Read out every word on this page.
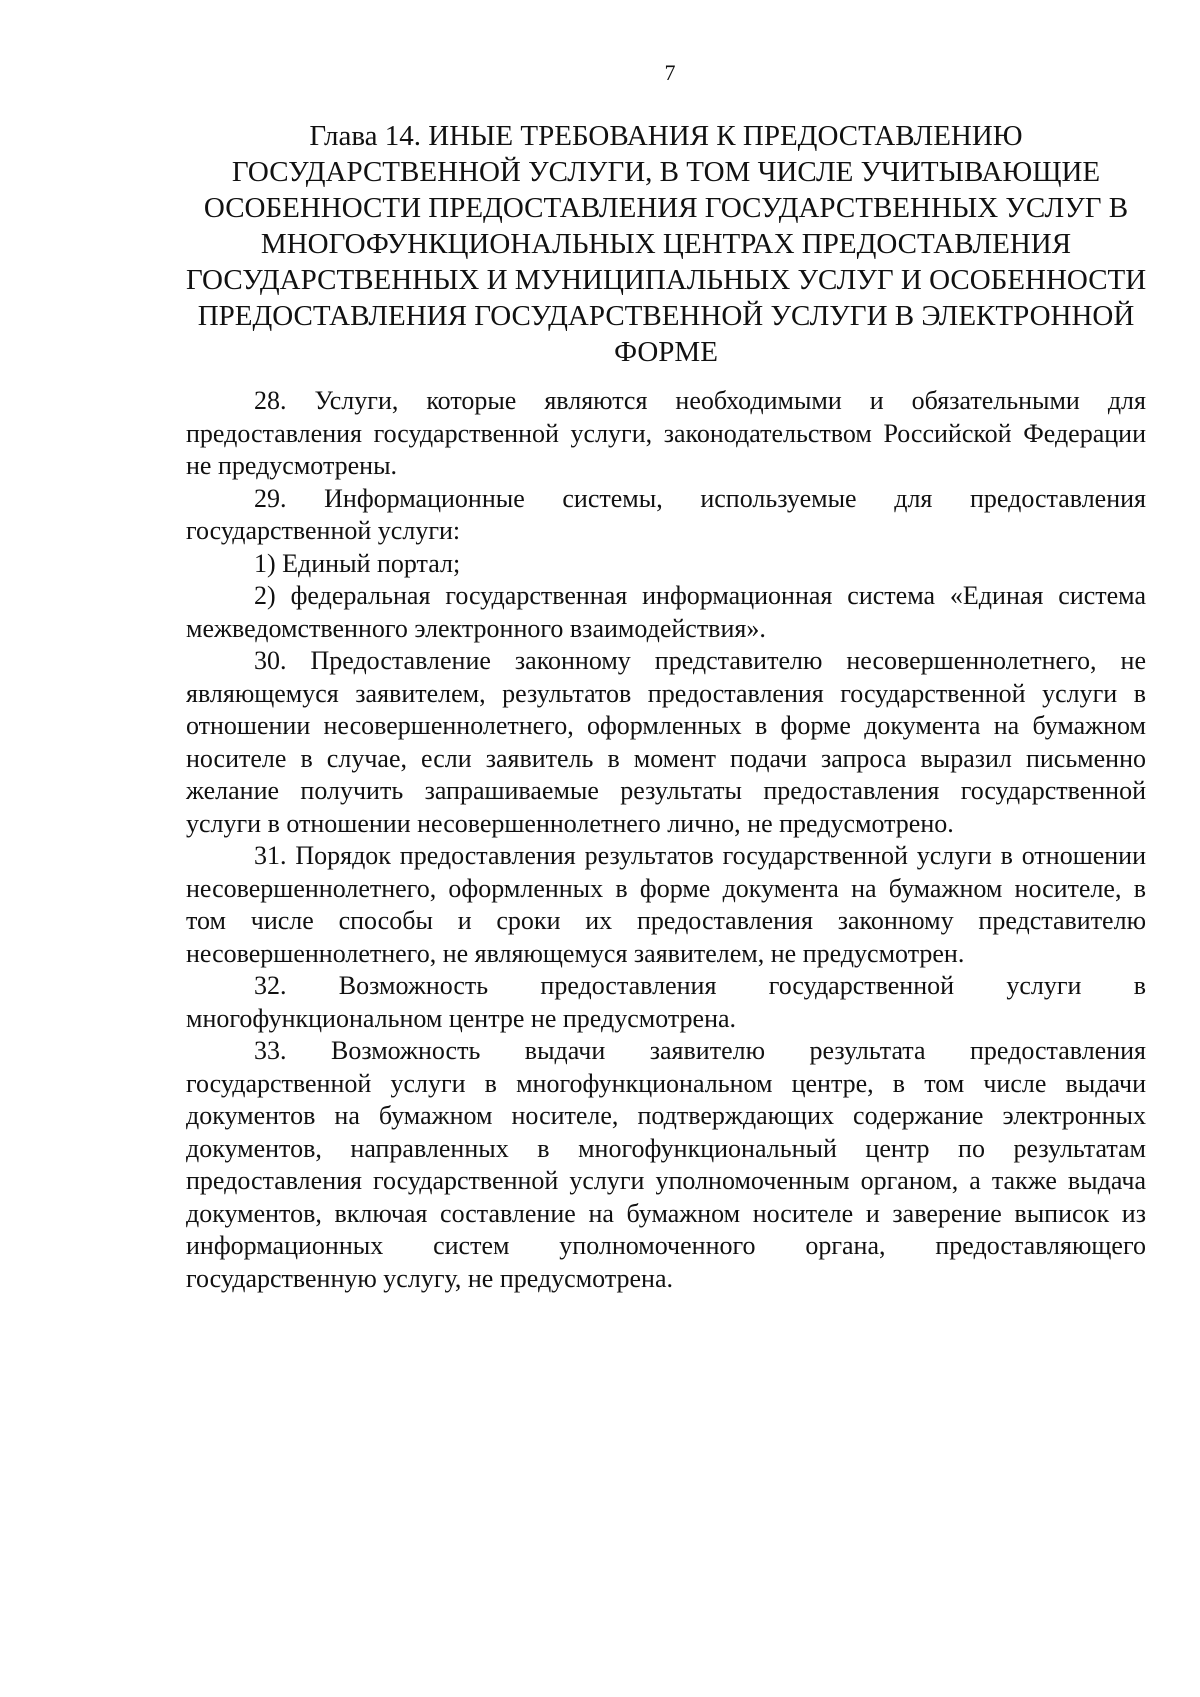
7
Глава 14. ИНЫЕ ТРЕБОВАНИЯ К ПРЕДОСТАВЛЕНИЮ
ГОСУДАРСТВЕННОЙ УСЛУГИ, В ТОМ ЧИСЛЕ УЧИТЫВАЮЩИЕ
ОСОБЕННОСТИ ПРЕДОСТАВЛЕНИЯ ГОСУДАРСТВЕННЫХ УСЛУГ В
МНОГОФУНКЦИОНАЛЬНЫХ ЦЕНТРАХ ПРЕДОСТАВЛЕНИЯ
ГОСУДАРСТВЕННЫХ И МУНИЦИПАЛЬНЫХ УСЛУГ И ОСОБЕННОСТИ
ПРЕДОСТАВЛЕНИЯ ГОСУДАРСТВЕННОЙ УСЛУГИ В ЭЛЕКТРОННОЙ
ФОРМЕ

28. Услуги, которые являются необходимыми и обязательными для предоставления государственной услуги, законодательством Российской Федерации не предусмотрены.

29. Информационные системы, используемые для предоставления государственной услуги:

1) Единый портал;

2) федеральная государственная информационная система «Единая система межведомственного электронного взаимодействия».

30. Предоставление законному представителю несовершеннолетнего, не являющемуся заявителем, результатов предоставления государственной услуги в отношении несовершеннолетнего, оформленных в форме документа на бумажном носителе в случае, если заявитель в момент подачи запроса выразил письменно желание получить запрашиваемые результаты предоставления государственной услуги в отношении несовершеннолетнего лично, не предусмотрено.

31. Порядок предоставления результатов государственной услуги в отношении несовершеннолетнего, оформленных в форме документа на бумажном носителе, в том числе способы и сроки их предоставления законному представителю несовершеннолетнего, не являющемуся заявителем, не предусмотрен.

32. Возможность предоставления государственной услуги в многофункциональном центре не предусмотрена.

33. Возможность выдачи заявителю результата предоставления государственной услуги в многофункциональном центре, в том числе выдачи документов на бумажном носителе, подтверждающих содержание электронных документов, направленных в многофункциональный центр по результатам предоставления государственной услуги уполномоченным органом, а также выдача документов, включая составление на бумажном носителе и заверение выписок из информационных систем уполномоченного органа, предоставляющего государственную услугу, не предусмотрена.
